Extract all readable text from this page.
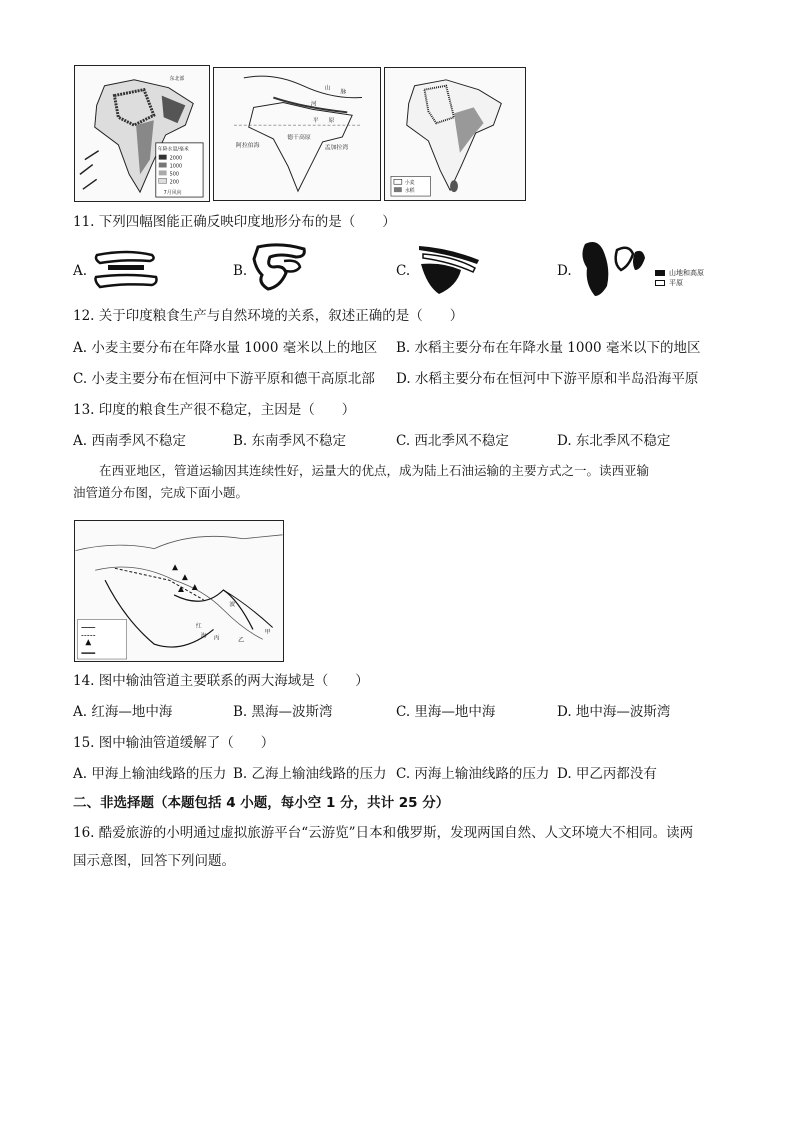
东北部
年降水量/毫米
2000
1000
500
200
7月风向
山
脉
河
平 原
阿拉伯海
德干高原
孟加拉湾
小麦
水稻
11. 下列四幅图能正确反映印度地形分布的是（　　）
A.	B.	C.	D.	山地和高原
平原
12. 关于印度粮食生产与自然环境的关系，叙述正确的是（　　）
A. 小麦主要分布在年降水量 1000 毫米以上的地区 B. 水稻主要分布在年降水量 1000 毫米以下的地区
C. 小麦主要分布在恒河中下游平原和德干高原北部 D. 水稻主要分布在恒河中下游平原和半岛沿海平原
13. 印度的粮食生产很不稳定，主因是（　　）
A. 西南季风不稳定	B. 东南季风不稳定	C. 西北季风不稳定	D. 东北季风不稳定
在西亚地区，管道运输因其连续性好，运量大的优点，成为陆上石油运输的主要方式之一。读西亚输
油管道分布图，完成下面小题。
甲
乙
丙
波
红
海
14. 图中输油管道主要联系的两大海域是（　　）
A. 红海—地中海	B. 黑海—波斯湾	C. 里海—地中海	D. 地中海—波斯湾
15. 图中输油管道缓解了（　　）
A. 甲海上输油线路的压力 B. 乙海上输油线路的压力 C. 丙海上输油线路的压力 D. 甲乙丙都没有
二、非选择题（本题包括 4 小题，每小空 1 分，共计 25 分）
16. 酷爱旅游的小明通过虚拟旅游平台“云游览”日本和俄罗斯，发现两国自然、人文环境大不相同。读两
国示意图，回答下列问题。
